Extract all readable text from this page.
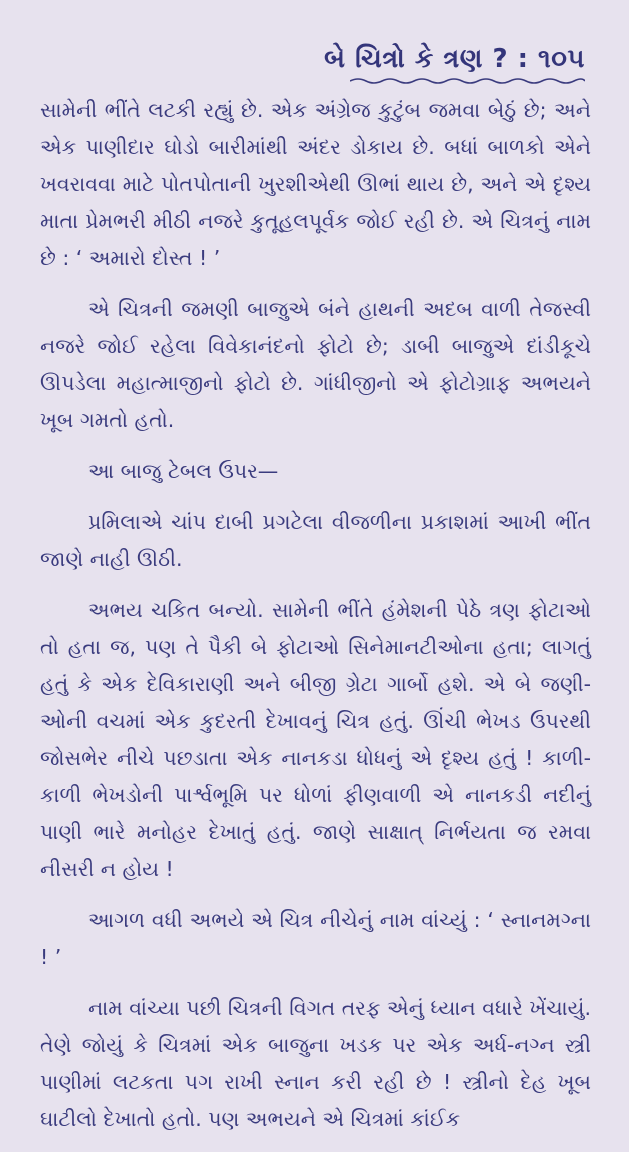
બે ચિત્રો કે ત્રણ ? : ૧૦૫

સામેની ભીંતે લટકી રહ્યું છે. એક અંગ્રેજ કુટુંબ જમવા બેઠું છે; અને એક પાણીદાર ઘોડો બારીમાંથી અંદર ડોકાય છે. બધાં બાળકો એને ખવરાવવા માટે પોતપોતાની ખુરશીએથી ઊભાં થાય છે, અને એ દૃશ્ય માતા પ્રેમભરી મીઠી નજરે કુતૂહલપૂર્વક જોઈ રહી છે. એ ચિત્રનું નામ છે : ‘ અમારો દોસ્ત ! ’

એ ચિત્રની જમણી બાજુએ બંને હાથની અદબ વાળી તેજસ્વી નજરે જોઈ રહેલા વિવેકાનંદનો ફોટો છે; ડાબી બાજુએ દાંડીકૂચે ઊપડેલા મહાત્માજીનો ફોટો છે. ગાંધીજીનો એ ફોટોગ્રાફ અભયને ખૂબ ગમતો હતો.

આ બાજુ ટેબલ ઉપર—

પ્રમિલાએ ચાંપ દાબી પ્રગટેલા વીજળીના પ્રકાશમાં આખી ભીંત જાણે નાહી ઊઠી.

અભય ચકિત બન્યો. સામેની ભીંતે હંમેશની પેઠે ત્રણ ફોટાઓ તો હતા જ, પણ તે પૈકી બે ફોટાઓ સિનેમાનટીઓના હતા; લાગતું હતું કે એક દેવિકારાણી અને બીજી ગ્રેટા ગાર્બો હશે. એ બે જણી-ઓની વચમાં એક કુદરતી દેખાવનું ચિત્ર હતું. ઊંચી ભેખડ ઉપરથી જોસભેર નીચે પછડાતા એક નાનકડા ધોધનું એ દૃશ્ય હતું ! કાળી-કાળી ભેખડોની પાર્શ્વભૂમિ પર ધોળાં ફીણવાળી એ નાનકડી નદીનું પાણી ભારે મનોહર દેખાતું હતું. જાણે સાક્ષાત્ નિર્ભયતા જ રમવા નીસરી ન હોય !

આગળ વધી અભયે એ ચિત્ર નીચેનું નામ વાંચ્યું : ‘ સ્નાનમગ્ના ! ’

નામ વાંચ્યા પછી ચિત્રની વિગત તરફ એનું ધ્યાન વધારે ખેંચાયું. તેણે જોયું કે ચિત્રમાં એક બાજુના ખડક પર એક અર્ધ-નગ્ન સ્ત્રી પાણીમાં લટકતા પગ રાખી સ્નાન કરી રહી છે ! સ્ત્રીનો દેહ ખૂબ ઘાટીલો દેખાતો હતો. પણ અભયને એ ચિત્રમાં કાંઈક
